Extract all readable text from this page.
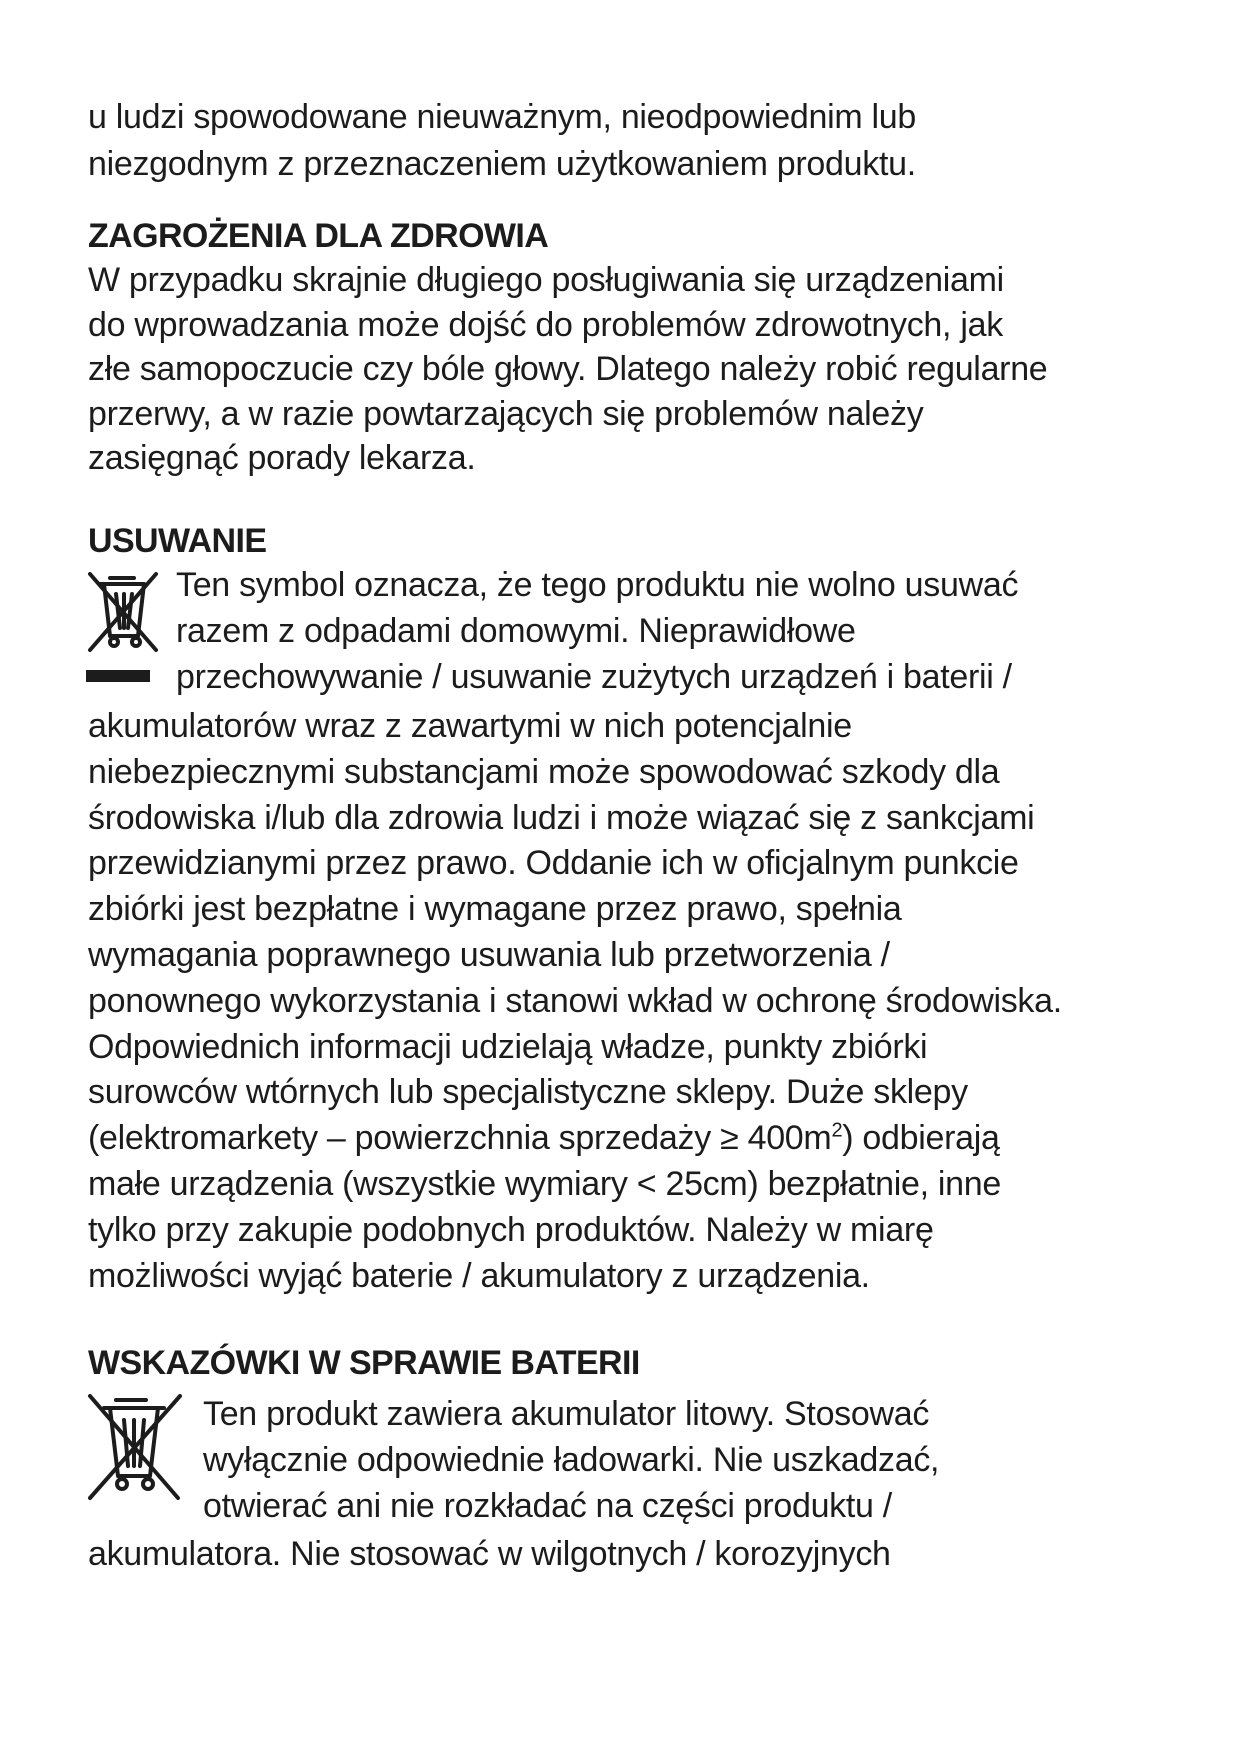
u ludzi spowodowane nieuważnym, nieodpowiednim lub
niezgodnym z przeznaczeniem użytkowaniem produktu.

ZAGROŻENIA DLA ZDROWIA

W przypadku skrajnie długiego posługiwania się urządzeniami
do wprowadzania może dojść do problemów zdrowotnych, jak
złe samopoczucie czy bóle głowy. Dlatego należy robić regularne
przerwy, a w razie powtarzających się problemów należy
zasięgnąć porady lekarza.

USUWANIE

Ten symbol oznacza, że tego produktu nie wolno usuwać
razem z odpadami domowymi. Nieprawidłowe
przechowywanie / usuwanie zużytych urządzeń i baterii /

akumulatorów wraz z zawartymi w nich potencjalnie
niebezpiecznymi substancjami może spowodować szkody dla
środowiska i/lub dla zdrowia ludzi i może wiązać się z sankcjami
przewidzianymi przez prawo. Oddanie ich w oficjalnym punkcie
zbiórki jest bezpłatne i wymagane przez prawo, spełnia
wymagania poprawnego usuwania lub przetworzenia /
ponownego wykorzystania i stanowi wkład w ochronę środowiska.
Odpowiednich informacji udzielają władze, punkty zbiórki
surowców wtórnych lub specjalistyczne sklepy. Duże sklepy
(elektromarkety – powierzchnia sprzedaży ≥ $400m^2$) odbierają
małe urządzenia (wszystkie wymiary < 25cm) bezpłatnie, inne
tylko przy zakupie podobnych produktów. Należy w miarę
możliwości wyjąć baterie / akumulatory z urządzenia.

WSKAZÓWKI W SPRAWIE BATERII

Ten produkt zawiera akumulator litowy. Stosować
wyłącznie odpowiednie ładowarki. Nie uszkadzać,
otwierać ani nie rozkładać na części produktu /

akumulatora. Nie stosować w wilgotnych / korozyjnych
